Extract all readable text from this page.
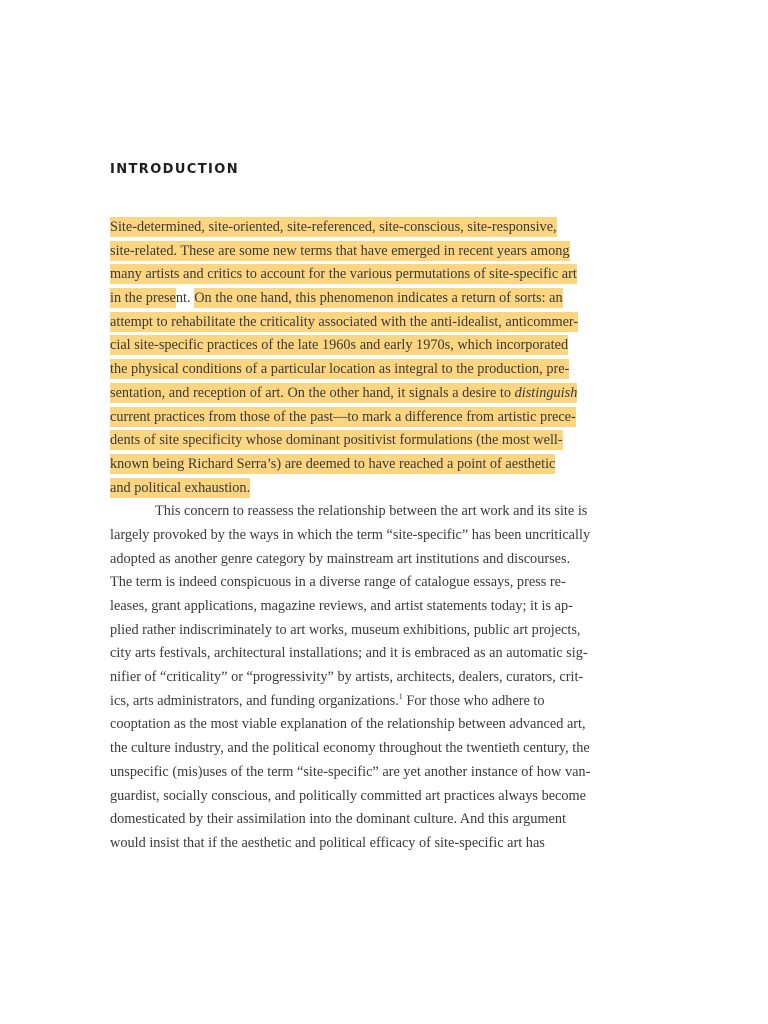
INTRODUCTION
Site-determined, site-oriented, site-referenced, site-conscious, site-responsive,
site-related. These are some new terms that have emerged in recent years among
many artists and critics to account for the various permutations of site-specific art
in the present. On the one hand, this phenomenon indicates a return of sorts: an
attempt to rehabilitate the criticality associated with the anti-idealist, anticommer-
cial site-specific practices of the late 1960s and early 1970s, which incorporated
the physical conditions of a particular location as integral to the production, pre-
sentation, and reception of art. On the other hand, it signals a desire to distinguish
current practices from those of the past—to mark a difference from artistic prece-
dents of site specificity whose dominant positivist formulations (the most well-
known being Richard Serra’s) are deemed to have reached a point of aesthetic
and political exhaustion.
This concern to reassess the relationship between the art work and its site is
largely provoked by the ways in which the term “site-specific” has been uncritically
adopted as another genre category by mainstream art institutions and discourses.
The term is indeed conspicuous in a diverse range of catalogue essays, press re-
leases, grant applications, magazine reviews, and artist statements today; it is ap-
plied rather indiscriminately to art works, museum exhibitions, public art projects,
city arts festivals, architectural installations; and it is embraced as an automatic sig-
nifier of “criticality” or “progressivity” by artists, architects, dealers, curators, crit-
ics, arts administrators, and funding organizations.$^1$ For those who adhere to
cooptation as the most viable explanation of the relationship between advanced art,
the culture industry, and the political economy throughout the twentieth century, the
unspecific (mis)uses of the term “site-specific” are yet another instance of how van-
guardist, socially conscious, and politically committed art practices always become
domesticated by their assimilation into the dominant culture. And this argument
would insist that if the aesthetic and political efficacy of site-specific art has
